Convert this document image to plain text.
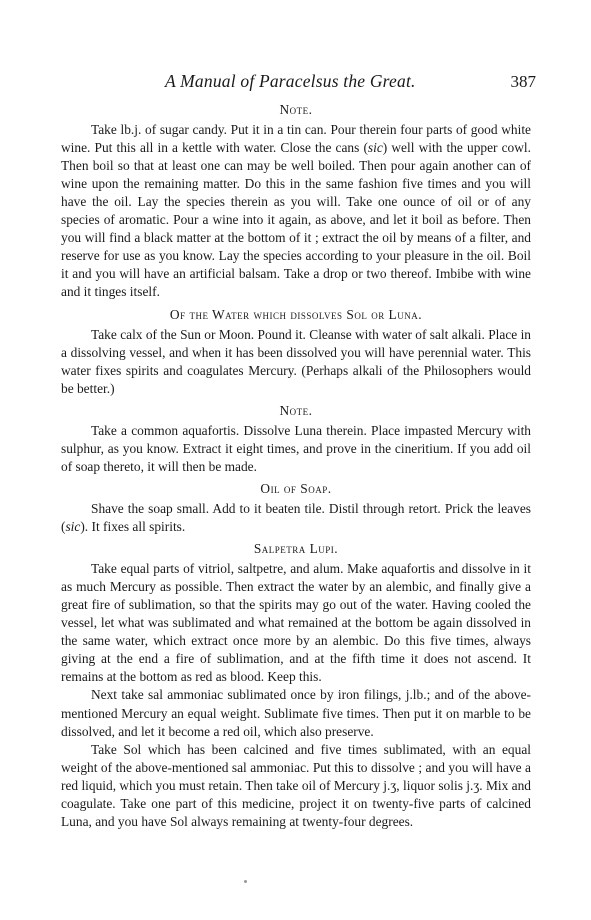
A Manual of Paracelsus the Great.	387
Note.

Take lb.j. of sugar candy. Put it in a tin can. Pour therein four parts of good white wine. Put this all in a kettle with water. Close the cans (sic) well with the upper cowl. Then boil so that at least one can may be well boiled. Then pour again another can of wine upon the remaining matter. Do this in the same fashion five times and you will have the oil. Lay the species therein as you will. Take one ounce of oil or of any species of aromatic. Pour a wine into it again, as above, and let it boil as before. Then you will find a black matter at the bottom of it ; extract the oil by means of a filter, and reserve for use as you know. Lay the species according to your pleasure in the oil. Boil it and you will have an artificial balsam. Take a drop or two thereof. Imbibe with wine and it tinges itself.

Of the Water which dissolves Sol or Luna.

Take calx of the Sun or Moon. Pound it. Cleanse with water of salt alkali. Place in a dissolving vessel, and when it has been dissolved you will have perennial water. This water fixes spirits and coagulates Mercury. (Perhaps alkali of the Philosophers would be better.)

Note.

Take a common aquafortis. Dissolve Luna therein. Place impasted Mercury with sulphur, as you know. Extract it eight times, and prove in the cineritium. If you add oil of soap thereto, it will then be made.

Oil of Soap.

Shave the soap small. Add to it beaten tile. Distil through retort. Prick the leaves (sic). It fixes all spirits.

Salpetra Lupi.

Take equal parts of vitriol, saltpetre, and alum. Make aquafortis and dissolve in it as much Mercury as possible. Then extract the water by an alembic, and finally give a great fire of sublimation, so that the spirits may go out of the water. Having cooled the vessel, let what was sublimated and what remained at the bottom be again dissolved in the same water, which extract once more by an alembic. Do this five times, always giving at the end a fire of sublimation, and at the fifth time it does not ascend. It remains at the bottom as red as blood. Keep this.

Next take sal ammoniac sublimated once by iron filings, j.lb.; and of the above-mentioned Mercury an equal weight. Sublimate five times. Then put it on marble to be dissolved, and let it become a red oil, which also preserve.

Take Sol which has been calcined and five times sublimated, with an equal weight of the above-mentioned sal ammoniac. Put this to dissolve ; and you will have a red liquid, which you must retain. Then take oil of Mercury j.ʒ, liquor solis j.ʒ. Mix and coagulate. Take one part of this medicine, project it on twenty-five parts of calcined Luna, and you have Sol always remaining at twenty-four degrees.
